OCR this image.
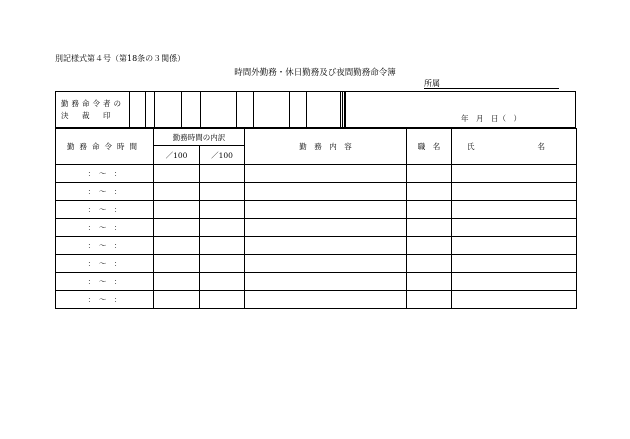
別記様式第４号（第18条の３関係）
時間外勤務・休日勤務及び夜間勤務命令簿
所属
勤務命令者の
決　裁　印	年　月　日（　）
勤務命令時間	勤務時間の内訳		勤　務　内　容	職　名	氏　　名
	／100	／100			
：　～　：					
：　～　：					
：　～　：					
：　～　：					
：　～　：					
：　～　：					
：　～　：					
：　～　：					
